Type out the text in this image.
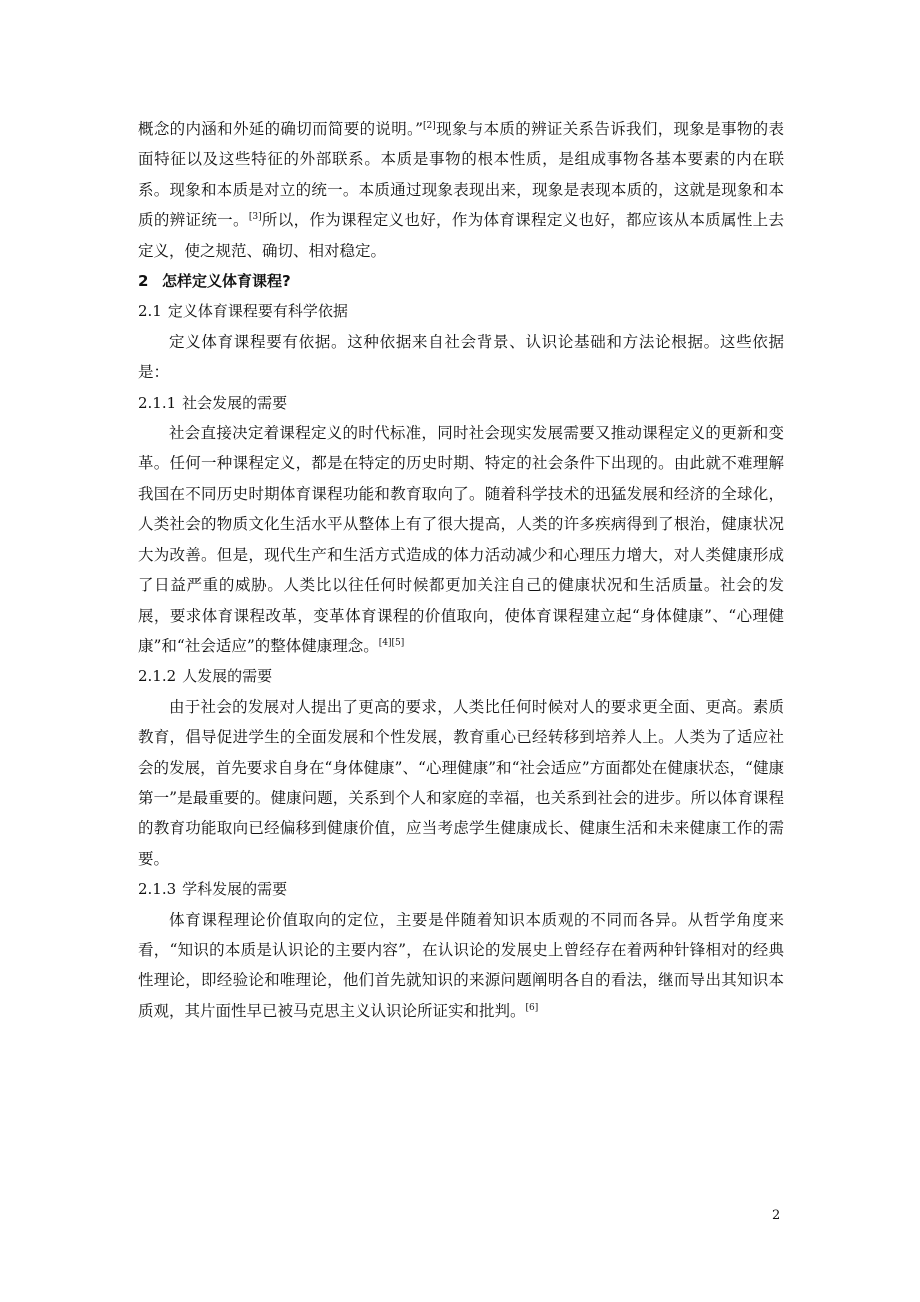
概念的内涵和外延的确切而简要的说明。”[2]现象与本质的辨证关系告诉我们，现象是事物的表面特征以及这些特征的外部联系。本质是事物的根本性质，是组成事物各基本要素的内在联系。现象和本质是对立的统一。本质通过现象表现出来，现象是表现本质的，这就是现象和本质的辨证统一。[3]所以，作为课程定义也好，作为体育课程定义也好，都应该从本质属性上去定义，使之规范、确切、相对稳定。

2 怎样定义体育课程?

2.1 定义体育课程要有科学依据

定义体育课程要有依据。这种依据来自社会背景、认识论基础和方法论根据。这些依据是：

2.1.1 社会发展的需要

社会直接决定着课程定义的时代标准，同时社会现实发展需要又推动课程定义的更新和变革。任何一种课程定义，都是在特定的历史时期、特定的社会条件下出现的。由此就不难理解我国在不同历史时期体育课程功能和教育取向了。随着科学技术的迅猛发展和经济的全球化，人类社会的物质文化生活水平从整体上有了很大提高，人类的许多疾病得到了根治，健康状况大为改善。但是，现代生产和生活方式造成的体力活动减少和心理压力增大，对人类健康形成了日益严重的威胁。人类比以往任何时候都更加关注自己的健康状况和生活质量。社会的发展，要求体育课程改革，变革体育课程的价值取向，使体育课程建立起“身体健康”、“心理健康”和“社会适应”的整体健康理念。[4][5]

2.1.2 人发展的需要

由于社会的发展对人提出了更高的要求，人类比任何时候对人的要求更全面、更高。素质教育，倡导促进学生的全面发展和个性发展，教育重心已经转移到培养人上。人类为了适应社会的发展，首先要求自身在“身体健康”、“心理健康”和“社会适应”方面都处在健康状态，“健康第一”是最重要的。健康问题，关系到个人和家庭的幸福，也关系到社会的进步。所以体育课程的教育功能取向已经偏移到健康价值，应当考虑学生健康成长、健康生活和未来健康工作的需要。

2.1.3 学科发展的需要

体育课程理论价值取向的定位，主要是伴随着知识本质观的不同而各异。从哲学角度来看，“知识的本质是认识论的主要内容”，在认识论的发展史上曾经存在着两种针锋相对的经典性理论，即经验论和唯理论，他们首先就知识的来源问题阐明各自的看法，继而导出其知识本质观，其片面性早已被马克思主义认识论所证实和批判。[6]

2
